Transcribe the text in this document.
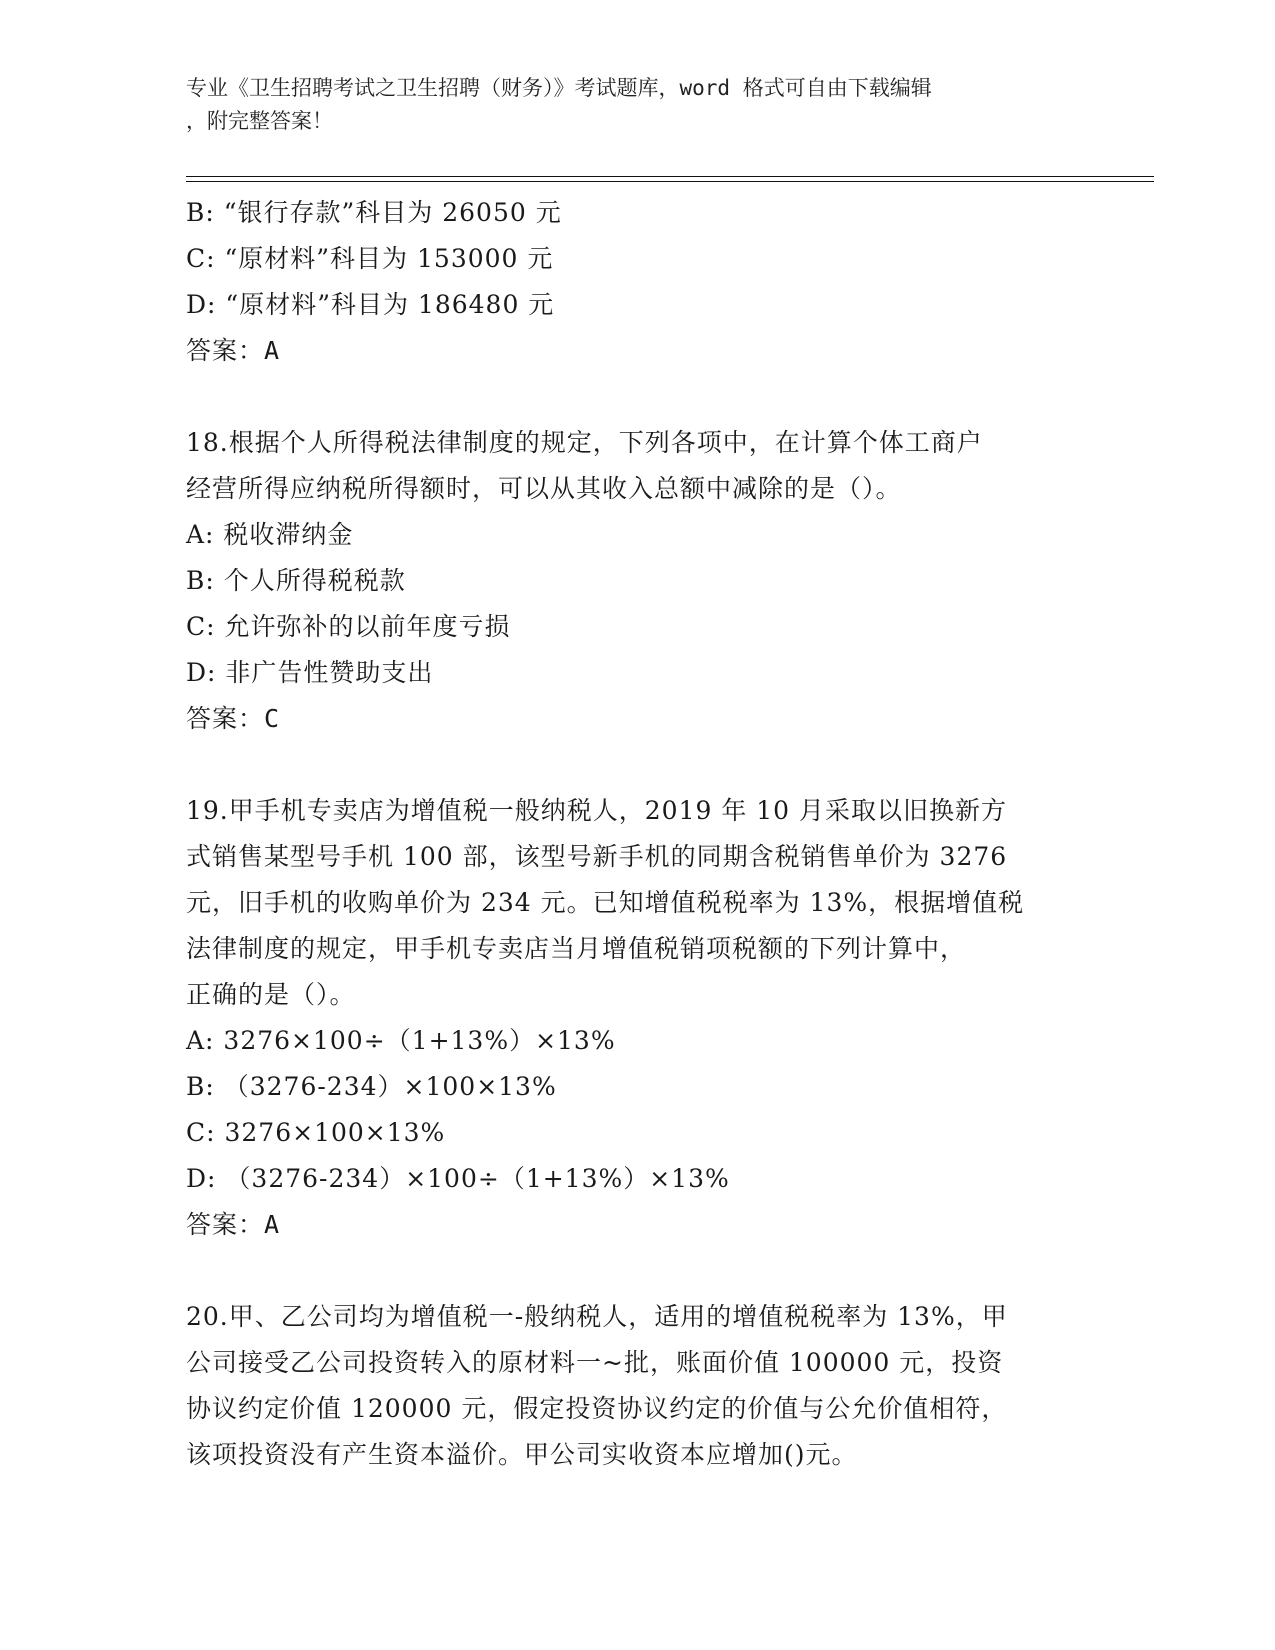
专业《卫生招聘考试之卫生招聘（财务）》考试题库，word 格式可自由下载编辑
，附完整答案！
B: “银行存款”科目为 26050 元
C: “原材料”科目为 153000 元
D: “原材料”科目为 186480 元
答案：A
18.根据个人所得税法律制度的规定，下列各项中，在计算个体工商户
经营所得应纳税所得额时，可以从其收入总额中减除的是（）。
A: 税收滞纳金
B: 个人所得税税款
C: 允许弥补的以前年度亏损
D: 非广告性赞助支出
答案：C
19.甲手机专卖店为增值税一般纳税人，2019 年 10 月采取以旧换新方
式销售某型号手机 100 部，该型号新手机的同期含税销售单价为 3276
元，旧手机的收购单价为 234 元。已知增值税税率为 13%，根据增值税
法律制度的规定，甲手机专卖店当月增值税销项税额的下列计算中，
正确的是（）。
A: 3276×100÷（1+13%）×13%
B: （3276-234）×100×13%
C: 3276×100×13%
D: （3276-234）×100÷（1+13%）×13%
答案：A
20.甲、乙公司均为增值税一-般纳税人，适用的增值税税率为 13%，甲
公司接受乙公司投资转入的原材料一~批，账面价值 100000 元，投资
协议约定价值 120000 元，假定投资协议约定的价值与公允价值相符，
该项投资没有产生资本溢价。甲公司实收资本应增加()元。
